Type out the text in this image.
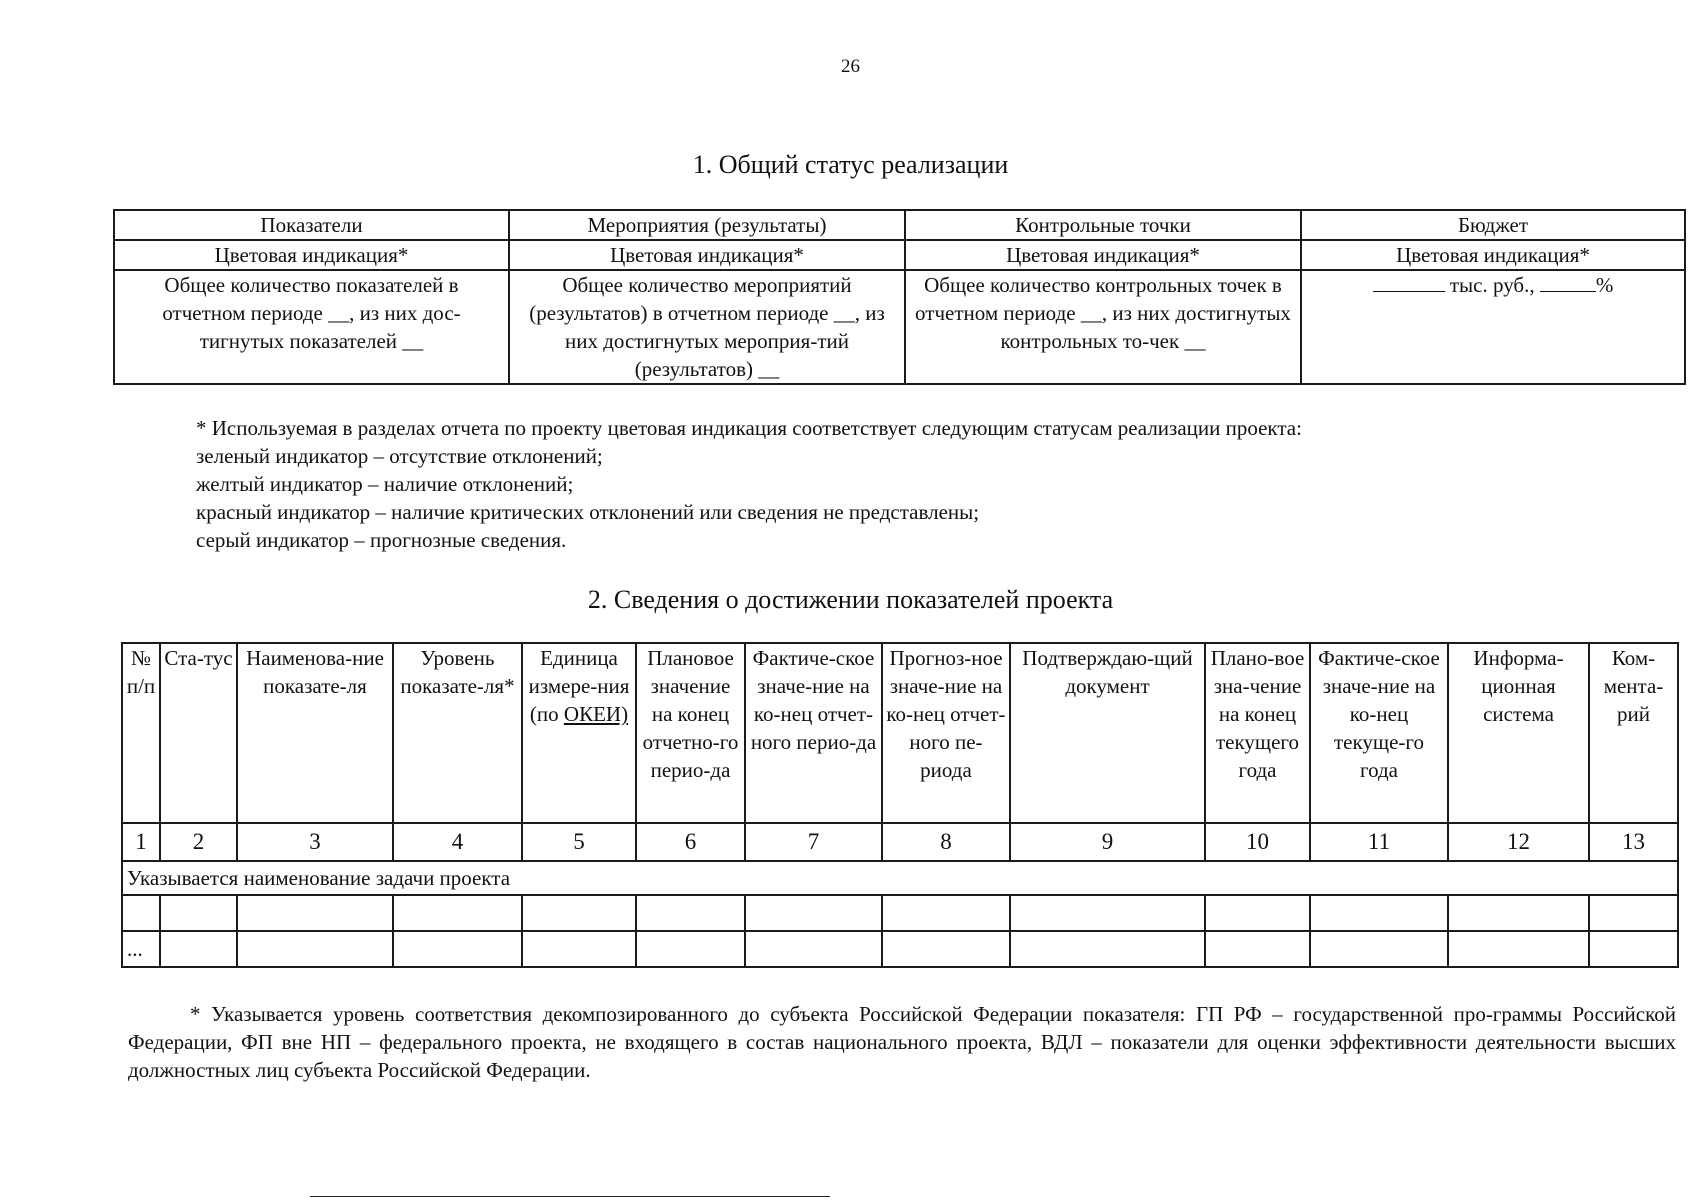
26
1. Общий статус реализации
Показатели	Мероприятия (результаты)	Контрольные точки	Бюджет
Цветовая индикация*	Цветовая индикация*	Цветовая индикация*	Цветовая индикация*
Общее количество показателей в отчетном периоде __, из них дос-тигнутых показателей __	Общее количество мероприятий (результатов) в отчетном периоде __, из них достигнутых мероприя-тий (результатов) __	Общее количество контрольных точек в отчетном периоде __, из них достигнутых контрольных то-чек __	тыс. руб., %
* Используемая в разделах отчета по проекту цветовая индикация соответствует следующим статусам реализации проекта:
зеленый индикатор – отсутствие отклонений;
желтый индикатор – наличие отклонений;
красный индикатор – наличие критических отклонений или сведения не представлены;
серый индикатор – прогнозные сведения.
2. Сведения о достижении показателей проекта
№ п/п	Ста-тус	Наименова-ние показате-ля	Уровень показате-ля*	Единица измере-ния (по ОКЕИ)	Плановое значение на конец отчетно-го перио-да	Фактиче-ское значе-ние на ко-нец отчет-ного перио-да	Прогноз-ное значе-ние на ко-нец отчет-ного пе-риода	Подтверждаю-щий документ	Плано-вое зна-чение на конец текущего года	Фактиче-ское значе-ние на ко-нец текуще-го года	Информа-ционная система	Ком-мента-рий
1	2	3	4	5	6	7	8	9	10	11	12	13
Указывается наименование задачи проекта												

...												
* Указывается уровень соответствия декомпозированного до субъекта Российской Федерации показателя: ГП РФ – государственной про-граммы Российской Федерации, ФП вне НП – федерального проекта, не входящего в состав национального проекта, ВДЛ – показатели для оценки эффективности деятельности высших должностных лиц субъекта Российской Федерации.
